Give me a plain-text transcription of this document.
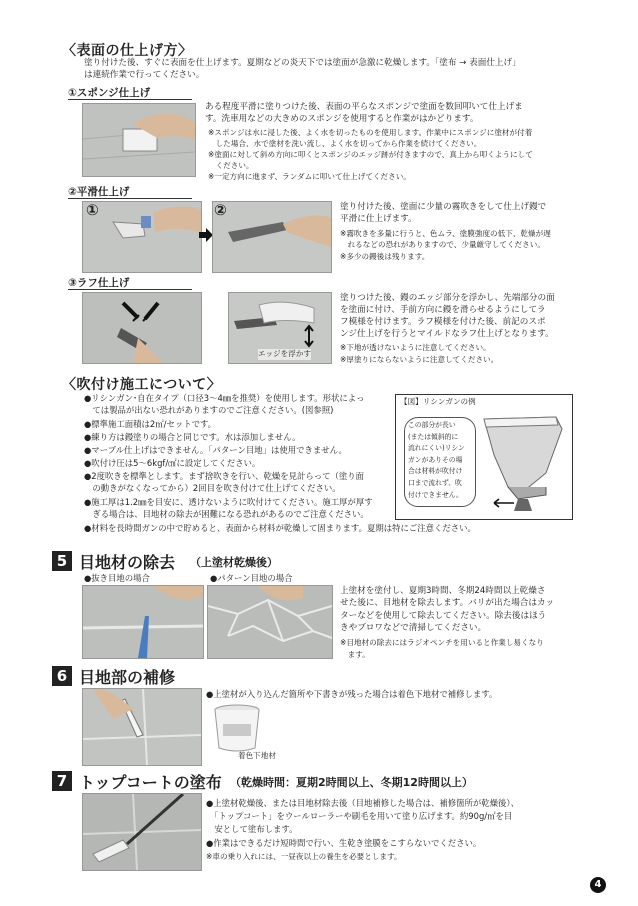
〈表面の仕上げ方〉
塗り付けた後、すぐに表面を仕上げます。夏期などの炎天下では塗面が急激に乾燥します。「塗布 → 表面仕上げ」
は連続作業で行ってください。
①スポンジ仕上げ
ある程度平滑に塗りつけた後、表面の平らなスポンジで塗面を数回叩いて仕上げま
す。洗車用などの大きめのスポンジを使用すると作業がはかどります。
※スポンジは水に浸した後、よく水を切ったものを使用します。作業中にスポンジに塗材が付着
　した場合、水で塗材を洗い流し、よく水を切ってから作業を続けてください。
※塗面に対して斜め方向に叩くとスポンジのエッジ跡が付きますので、真上から叩くようにして
　ください。
※一定方向に進まず、ランダムに叩いて仕上げてください。
②平滑仕上げ
①	②	塗り付けた後、塗面に少量の霧吹きをして仕上げ鏝で
平滑に仕上げます。
※霧吹きを多量に行うと、色ムラ、塗膜強度の低下、乾燥が遅
　れるなどの恐れがありますので、少量厳守してください。
※多少の鏝後は残ります。
③ラフ仕上げ
エッジを浮かす
塗りつけた後、鏝のエッジ部分を浮かし、先端部分の面
を塗面に付け、手前方向に鏝を滑らせるようにしてラ
フ模様を付けます。ラフ模様を付けた後、前記のスポ
ンジ仕上げを行うとマイルドなラフ仕上げとなります。
※下地が透けないように注意してください。
※厚塗りにならないように注意してください。
〈吹付け施工について〉
●リシンガン･自在タイプ（口径3～4㎜を推奨）を使用します。形状によっ
　ては製品が出ない恐れがありますのでご注意ください。(図参照)
●標準施工面積は2㎡/セットです。
●練り方は鏝塗りの場合と同じです。水は添加しません。
●マーブル仕上げはできません。「パターン目地」は使用できません。
●吹付け圧は5～6kgf/㎠に設定してください。
●2度吹きを標準とします。まず捨吹きを行い、乾燥を見計らって（塗り面
　の動きがなくなってから）2回目を吹き付けて仕上げてください。
●施工厚は1.2㎜を目安に、透けないように吹付けてください。施工厚が厚す
　ぎる場合は、目地材の除去が困難になる恐れがあるのでご注意ください。
●材料を長時間ガンの中で貯めると、表面から材料が乾燥して固まります。夏期は特にご注意ください。
【図】リシンガンの例
この部分が長い
(または傾斜的に
流れにくい)リシン
ガンがありその場
合は材料が吹付け
口まで流れず、吹
付けできません。
5 目地材の除去 （上塗材乾燥後）
●抜き目地の場合	●パターン目地の場合
上塗材を塗付し、夏期3時間、冬期24時間以上乾燥さ
せた後に、目地材を除去します。バリが出た場合はカッ
ターなどを使用して除去してください。除去後はほう
きやブロワなどで清掃してください。
※目地材の除去にはラジオペンチを用いると作業し易くなり
　ます。
6 目地部の補修
●上塗材が入り込んだ箇所や下書きが残った場合は着色下地材で補修します。
着色下地材
7 トップコートの塗布 （乾燥時間：夏期2時間以上、冬期12時間以上）
●上塗材乾燥後、または目地材除去後（目地補修した場合は、補修箇所が乾燥後）、
　「トップコート」をウールローラーや刷毛を用いて塗り広げます。約90g/㎡を目
　安として塗布します。
●作業はできるだけ短時間で行い、生乾き塗膜をこすらないでください。
※車の乗り入れには、一昼夜以上の養生を必要とします。
4
